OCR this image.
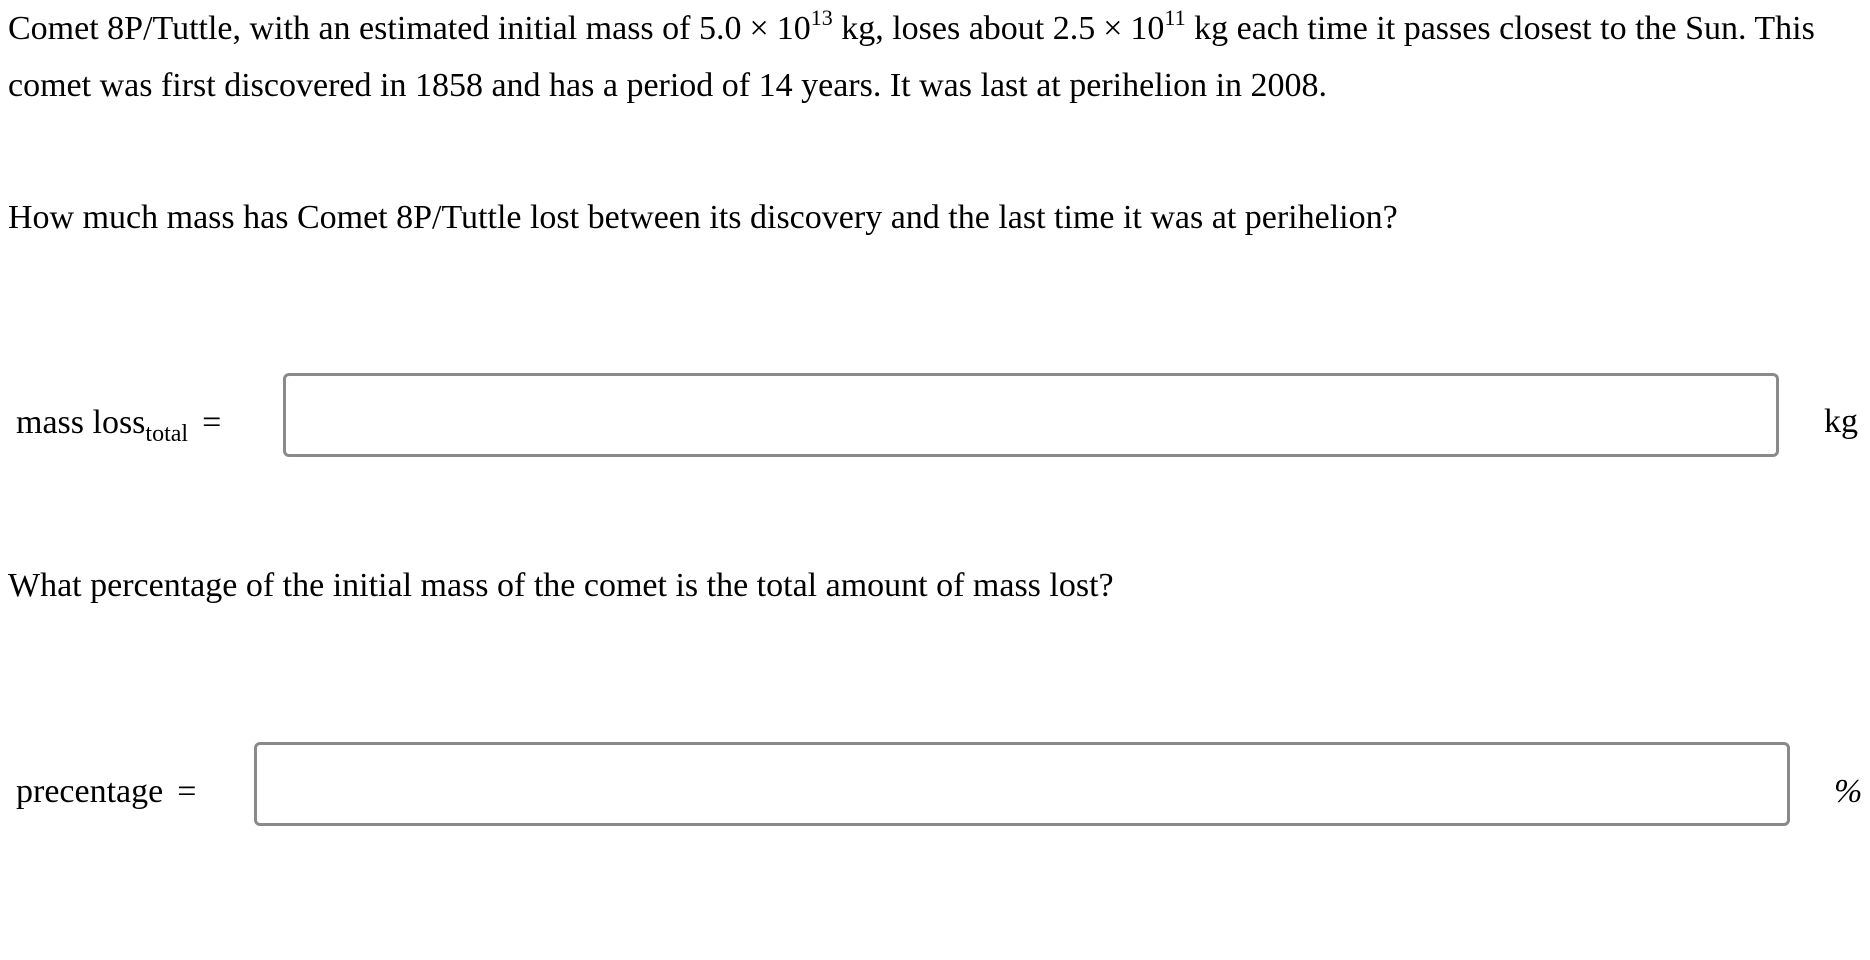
Comet 8P/Tuttle, with an estimated initial mass of $5.0 \times 10^{13}$ kg, loses about $2.5 \times 10^{11}$ kg each time it passes closest to the Sun. This comet was first discovered in 1858 and has a period of 14 years. It was last at perihelion in 2008.

How much mass has Comet 8P/Tuttle lost between its discovery and the last time it was at perihelion?

mass loss$_{total}$ =	kg

What percentage of the initial mass of the comet is the total amount of mass lost?

precentage =	%
